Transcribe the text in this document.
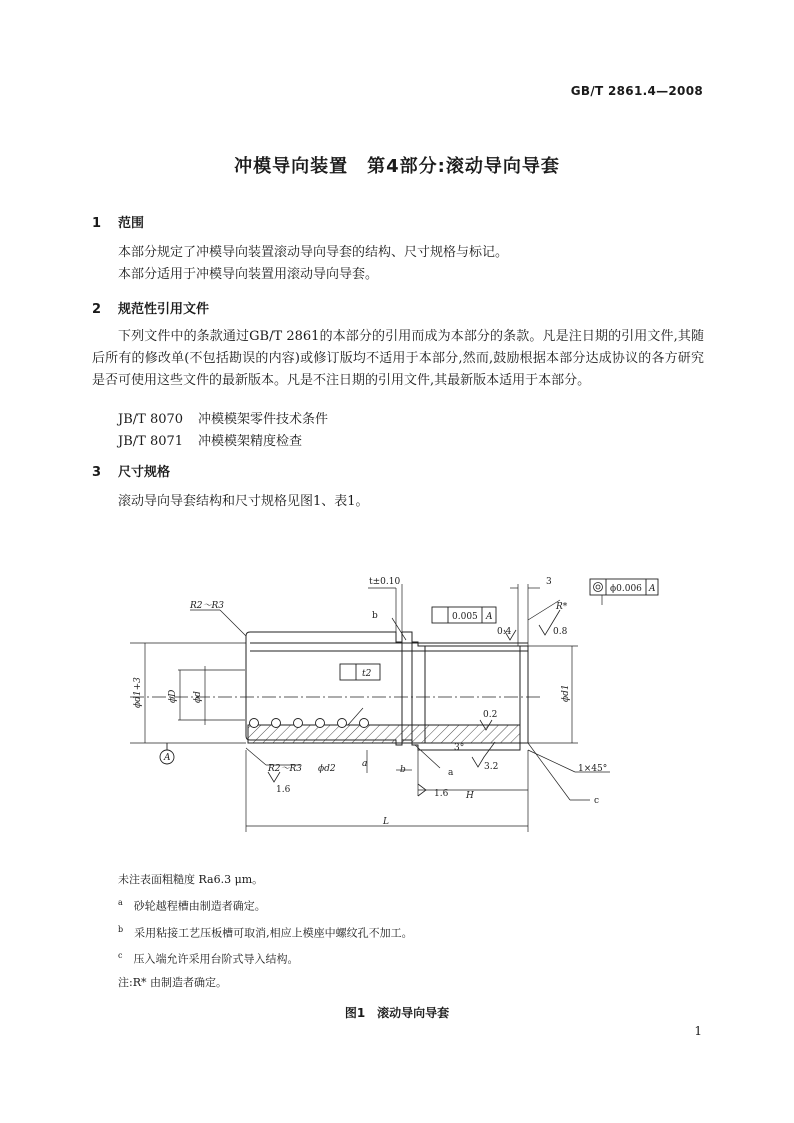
GB/T 2861.4—2008
冲模导向装置　第4部分:滚动导向导套
1 范围

本部分规定了冲模导向装置滚动导向导套的结构、尺寸规格与标记。

本部分适用于冲模导向装置用滚动导向导套。

2 规范性引用文件

下列文件中的条款通过GB/T 2861的本部分的引用而成为本部分的条款。凡是注日期的引用文件,其随后所有的修改单(不包括勘误的内容)或修订版均不适用于本部分,然而,鼓励根据本部分达成协议的各方研究是否可使用这些文件的最新版本。凡是不注日期的引用文件,其最新版本适用于本部分。

JB/T 8070 冲模模架零件技术条件
JB/T 8071 冲模模架精度检查
3 尺寸规格

滚动导向导套结构和尺寸规格见图1、表1。

t±0.10	3
ϕ0.006 A
b	0.005 A
R*
0.4	0.8
R2～R3
ϕd1+3	ϕD ϕd
t2
0.2
ϕd1
3°
3.2	1×45°
R2～R3
1.6
ϕd2	a
b	a
1.6 H	c
L
A
未注表面粗糙度 Ra6.3 μm。
$^a$　 砂轮越程槽由制造者确定。
$^b$　 采用粘接工艺压板槽可取消,相应上模座中螺纹孔不加工。
$^c$　 压入端允许采用台阶式导入结构。
注:R* 由制造者确定。
图1　滚动导向导套
1
